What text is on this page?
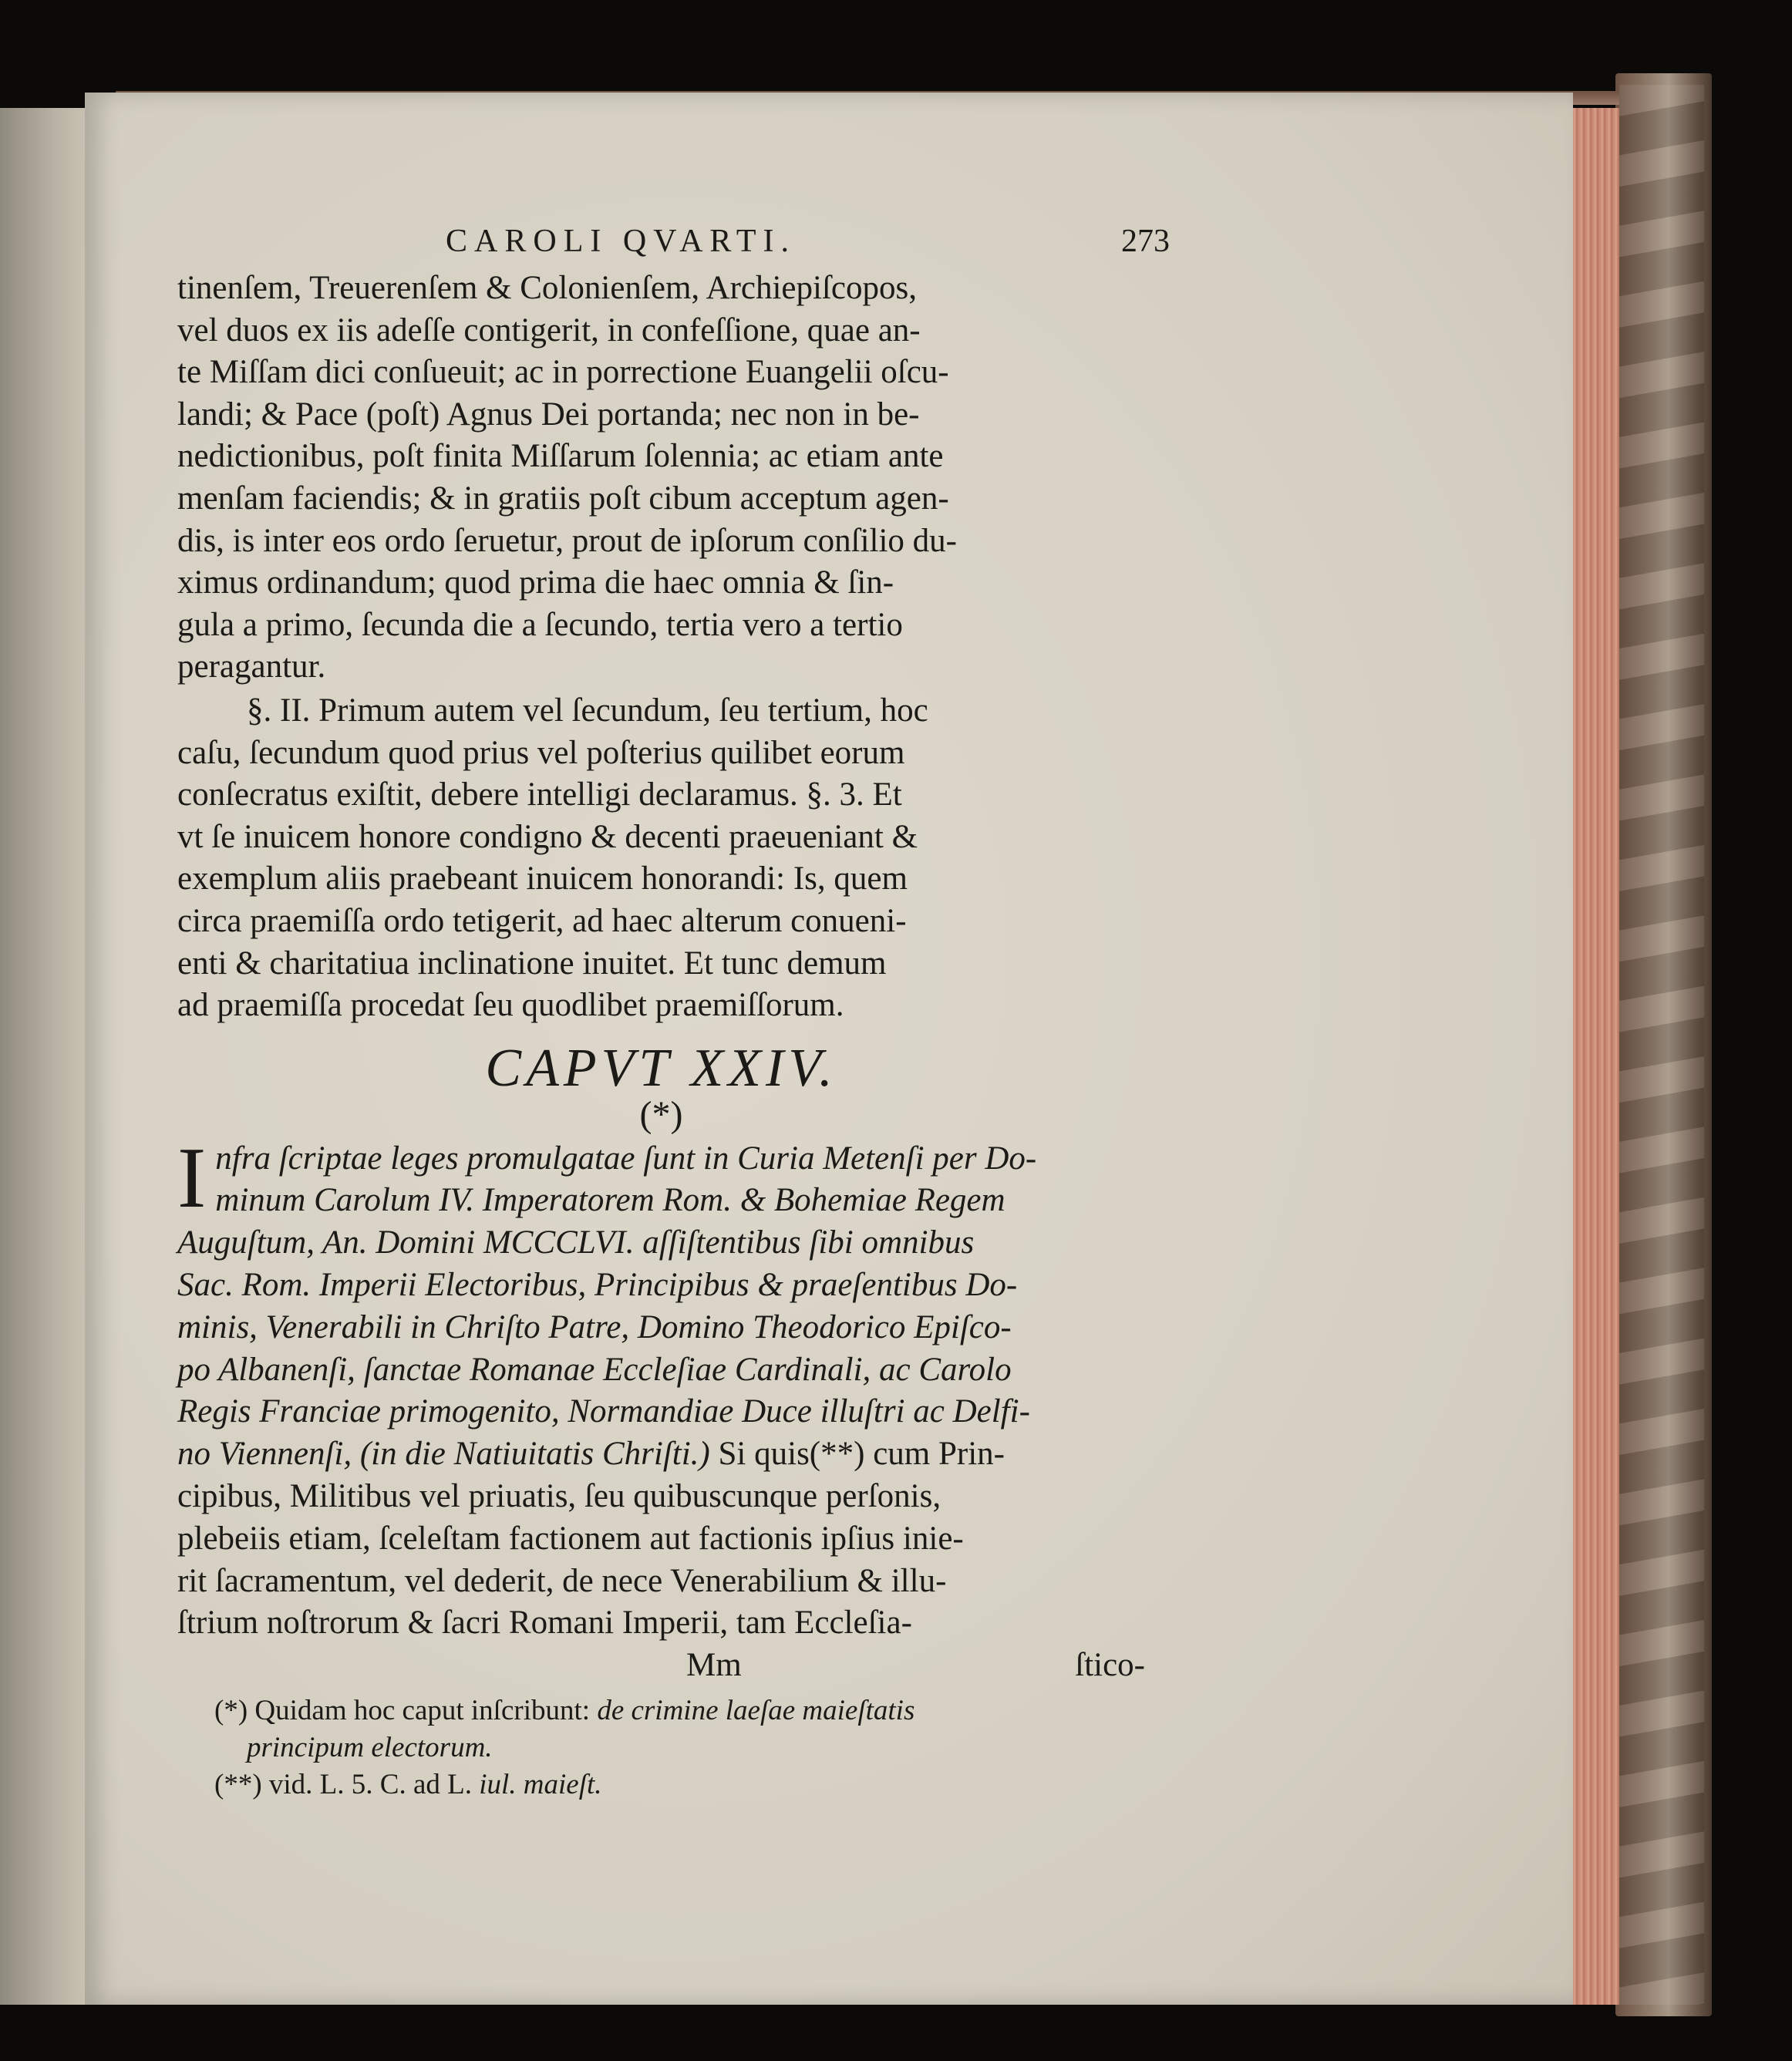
CAROLI QVARTI.	273
tinenſem, Treuerenſem & Colonienſem, Archiepiſcopos,
vel duos ex iis adeſſe contigerit, in confeſſione, quae an-
te Miſſam dici conſueuit; ac in porrectione Euangelii oſcu-
landi; & Pace (poſt) Agnus Dei portanda; nec non in be-
nedictionibus, poſt finita Miſſarum ſolennia; ac etiam ante
menſam faciendis; & in gratiis poſt cibum acceptum agen-
dis, is inter eos ordo ſeruetur, prout de ipſorum conſilio du-
ximus ordinandum; quod prima die haec omnia & ſin-
gula a primo, ſecunda die a ſecundo, tertia vero a tertio
peragantur.
§. II. Primum autem vel ſecundum, ſeu tertium, hoc
caſu, ſecundum quod prius vel poſterius quilibet eorum
conſecratus exiſtit, debere intelligi declaramus. §. 3. Et
vt ſe inuicem honore condigno & decenti praeueniant &
exemplum aliis praebeant inuicem honorandi: Is, quem
circa praemiſſa ordo tetigerit, ad haec alterum conueni-
enti & charitatiua inclinatione inuitet. Et tunc demum
ad praemiſſa procedat ſeu quodlibet praemiſſorum.
CAPVT XXIV.
(*)
I nfra ſcriptae leges promulgatae ſunt in Curia Metenſi per Do-
minum Carolum IV. Imperatorem Rom. & Bohemiae Regem
Auguſtum, An. Domini MCCCLVI. aſſiſtentibus ſibi omnibus
Sac. Rom. Imperii Electoribus, Principibus & praeſentibus Do-
minis, Venerabili in Chriſto Patre, Domino Theodorico Epiſco-
po Albanenſi, ſanctae Romanae Eccleſiae Cardinali, ac Carolo
Regis Franciae primogenito, Normandiae Duce illuſtri ac Delfi-
no Viennenſi, (in die Natiuitatis Chriſti.) Si quis(**) cum Prin-
cipibus, Militibus vel priuatis, ſeu quibuscunque perſonis,
plebeiis etiam, ſceleſtam factionem aut factionis ipſius inie-
rit ſacramentum, vel dederit, de nece Venerabilium & illu-
ſtrium noſtrorum & ſacri Romani Imperii, tam Eccleſia-
Mm	ſtico-
(*) Quidam hoc caput inſcribunt: de crimine laeſae maieſtatis
principum electorum.
(**) vid. L. 5. C. ad L. iul. maieſt.
